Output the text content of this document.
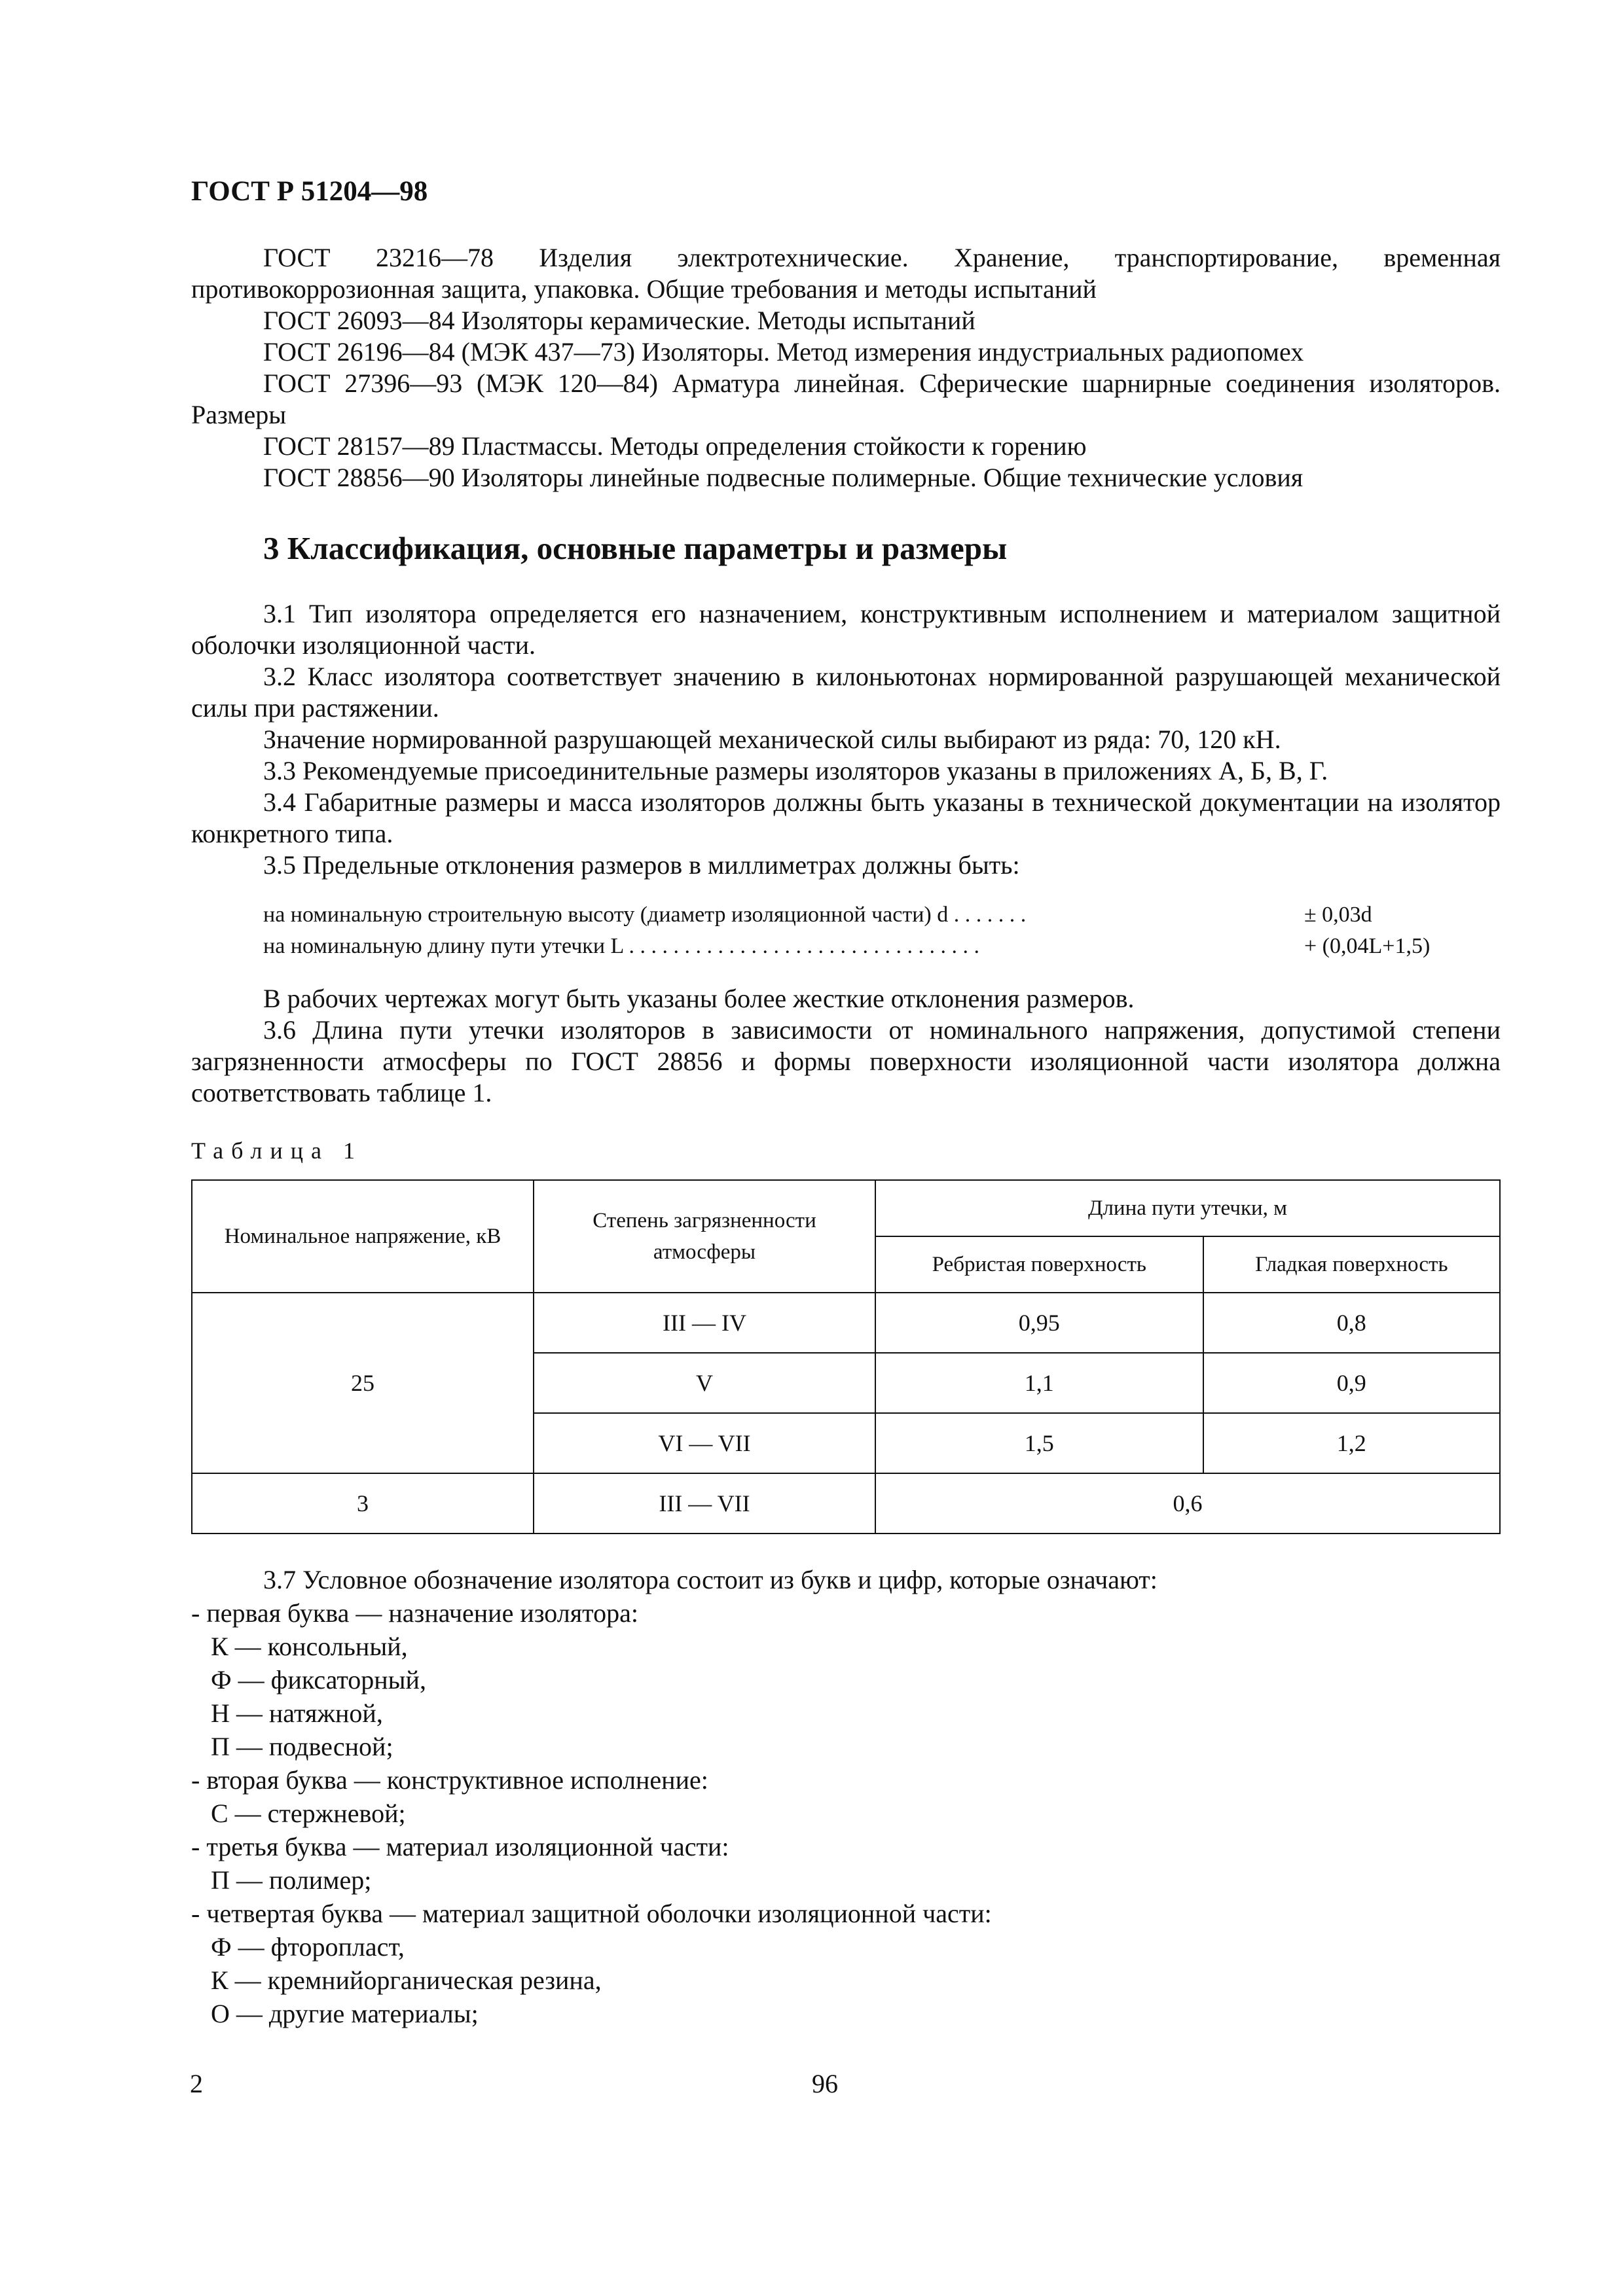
ГОСТ Р 51204—98

ГОСТ 23216—78 Изделия электротехнические. Хранение, транспортирование, временная противокоррозионная защита, упаковка. Общие требования и методы испытаний

ГОСТ 26093—84 Изоляторы керамические. Методы испытаний

ГОСТ 26196—84 (МЭК 437—73) Изоляторы. Метод измерения индустриальных радиопомех

ГОСТ 27396—93 (МЭК 120—84) Арматура линейная. Сферические шарнирные соединения изоляторов. Размеры

ГОСТ 28157—89 Пластмассы. Методы определения стойкости к горению

ГОСТ 28856—90 Изоляторы линейные подвесные полимерные. Общие технические условия

3 Классификация, основные параметры и размеры

3.1 Тип изолятора определяется его назначением, конструктивным исполнением и материалом защитной оболочки изоляционной части.

3.2 Класс изолятора соответствует значению в килоньютонах нормированной разрушающей механической силы при растяжении.

Значение нормированной разрушающей механической силы выбирают из ряда: 70, 120 кН.

3.3 Рекомендуемые присоединительные размеры изоляторов указаны в приложениях А, Б, В, Г.

3.4 Габаритные размеры и масса изоляторов должны быть указаны в технической документации на изолятор конкретного типа.

3.5 Предельные отклонения размеров в миллиметрах должны быть:

на номинальную строительную высоту (диаметр изоляционной части) d . . . . . . .	± 0,03d
на номинальную длину пути утечки L . . . . . . . . . . . . . . . . . . . . . . . . . . . . . . . .	+ (0,04L+1,5)

В рабочих чертежах могут быть указаны более жесткие отклонения размеров.

3.6 Длина пути утечки изоляторов в зависимости от номинального напряжения, допустимой степени загрязненности атмосферы по ГОСТ 28856 и формы поверхности изоляционной части изолятора должна соответствовать таблице 1.

Таблица 1
Номинальное напряжение, кВ	Степень загрязненности атмосферы	Длина пути утечки, м	
		Ребристая поверхность	Гладкая поверхность
25	III — IV	0,95	0,8
	V	1,1	0,9
	VI — VII	1,5	1,2
3	III — VII	0,6	
3.7 Условное обозначение изолятора состоит из букв и цифр, которые означают:
- первая буква — назначение изолятора:
К — консольный,
Ф — фиксаторный,
Н — натяжной,
П — подвесной;
- вторая буква — конструктивное исполнение:
С — стержневой;
- третья буква — материал изоляционной части:
П — полимер;
- четвертая буква — материал защитной оболочки изоляционной части:
Ф — фторопласт,
К — кремнийорганическая резина,
О — другие материалы;
2	96
